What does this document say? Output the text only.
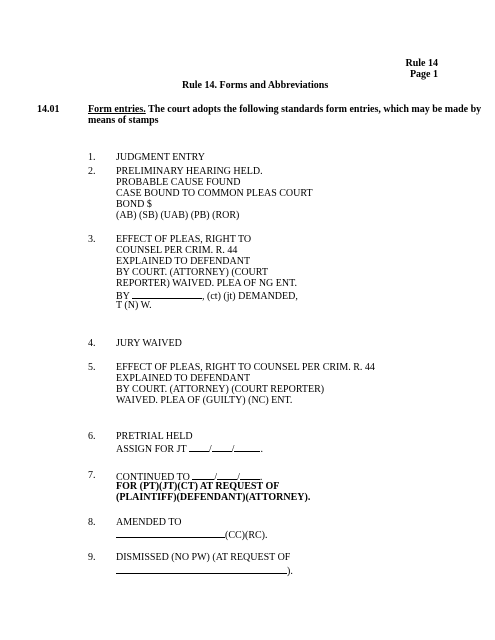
Rule 14
Page 1
Rule 14. Forms and Abbreviations
14.01	Form entries. The court adopts the following standards form entries, which may be made by
means of stamps
1. JUDGMENT ENTRY
2. PRELIMINARY HEARING HELD.
PROBABLE CAUSE FOUND
CASE BOUND TO COMMON PLEAS COURT
BOND $
(AB) (SB) (UAB) (PB) (ROR)
3. EFFECT OF PLEAS, RIGHT TO
COUNSEL PER CRIM. R. 44
EXPLAINED TO DEFENDANT
BY COURT. (ATTORNEY) (COURT
REPORTER) WAIVED. PLEA OF NG ENT.
BY	, (ct) (jt) DEMANDED,
T (N) W.
4. JURY WAIVED
5. EFFECT OF PLEAS, RIGHT TO COUNSEL PER CRIM. R. 44
EXPLAINED TO DEFENDANT
BY COURT. (ATTORNEY) (COURT REPORTER)
WAIVED. PLEA OF (GUILTY) (NC) ENT.
6. PRETRIAL HELD
ASSIGN FOR JT / /	.
7. CONTINUED TO / / .
FOR (PT)(JT)(CT) AT REQUEST OF
(PLAINTIFF)(DEFENDANT)(ATTORNEY).
8. AMENDED TO
(CC)(RC).
9. DISMISSED (NO PW) (AT REQUEST OF
).
